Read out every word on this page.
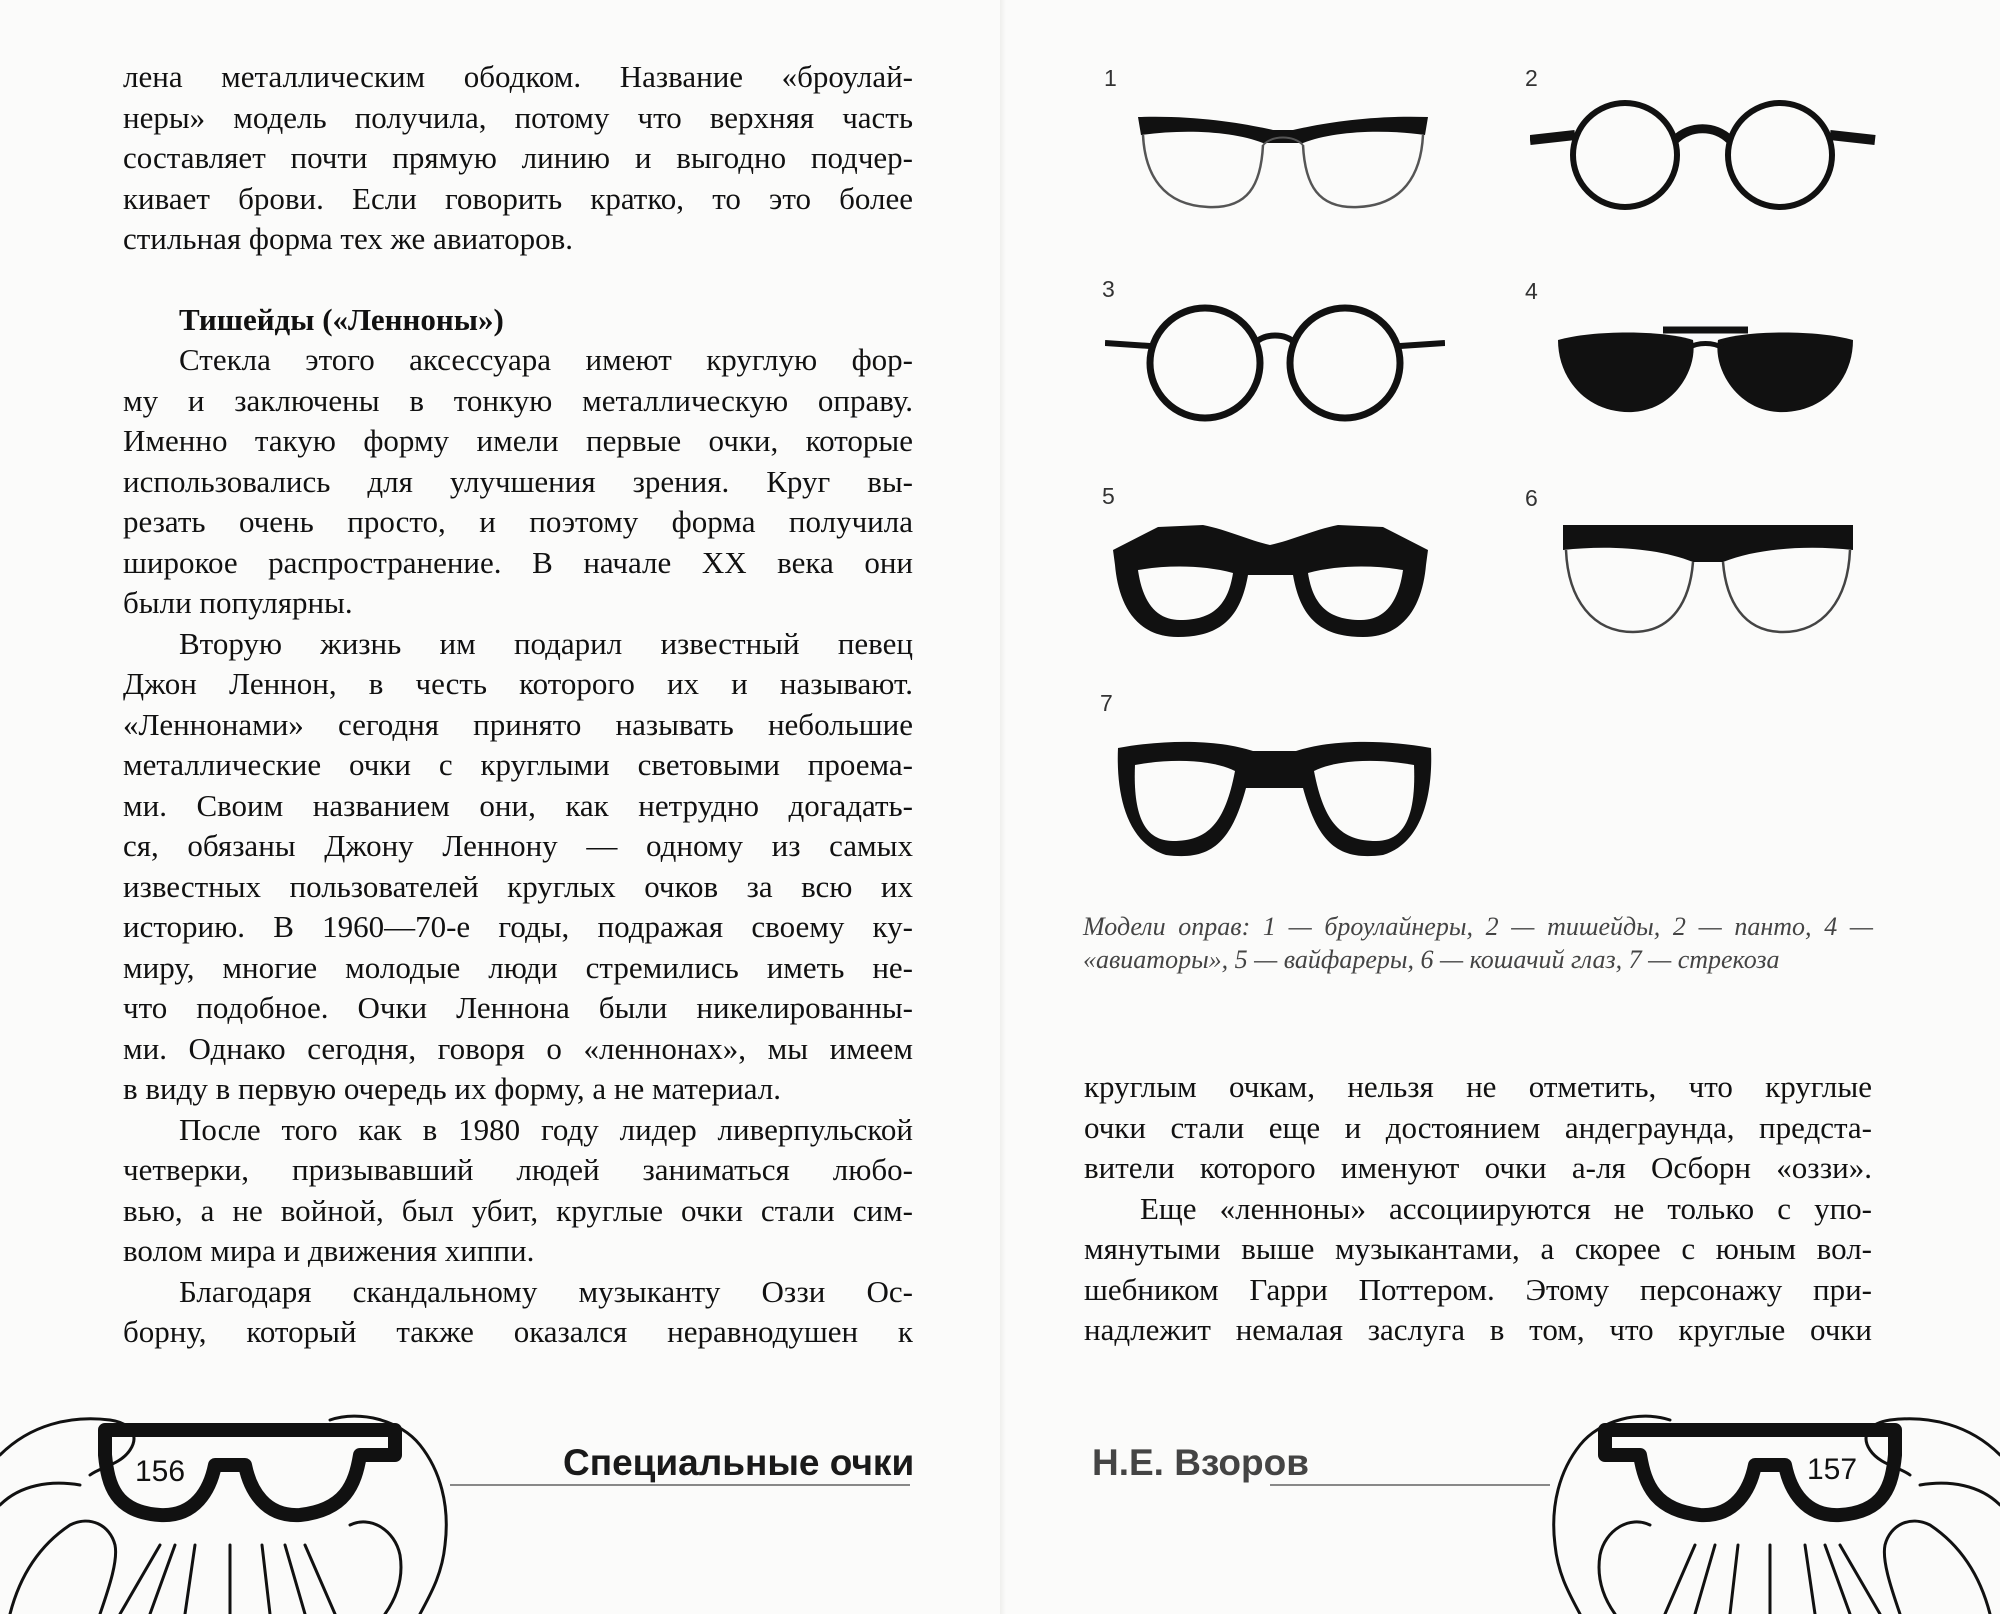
лена металлическим ободком. Название «броулай-

неры» модель получила, потому что верхняя часть

составляет почти прямую линию и выгодно подчер-

кивает брови. Если говорить кратко, то это более

стильная форма тех же авиаторов.

Тишейды («Ленноны»)

Стекла этого аксессуара имеют круглую фор-

му и заключены в тонкую металлическую оправу.

Именно такую форму имели первые очки, которые

использовались для улучшения зрения. Круг вы-

резать очень просто, и поэтому форма получила

широкое распространение. В начале XX века они

были популярны.

Вторую жизнь им подарил известный певец

Джон Леннон, в честь которого их и называют.

«Леннонами» сегодня принято называть небольшие

металлические очки с круглыми световыми проема-

ми. Своим названием они, как нетрудно догадать-

ся, обязаны Джону Леннону — одному из самых

известных пользователей круглых очков за всю их

историю. В 1960—70-е годы, подражая своему ку-

миру, многие молодые люди стремились иметь не-

что подобное. Очки Леннона были никелированны-

ми. Однако сегодня, говоря о «леннонах», мы имеем

в виду в первую очередь их форму, а не материал.

После того как в 1980 году лидер ливерпульской

четверки, призывавший людей заниматься любо-

вью, а не войной, был убит, круглые очки стали сим-

волом мира и движения хиппи.

Благодаря скандальному музыканту Оззи Ос-

борну, который также оказался неравнодушен к

156	Специальные очки
1	2
3	4
5	6
7

Модели оправ: 1 — броулайнеры, 2 — тишейды, 2 — панто, 4 — «авиаторы», 5 — вайфареры, 6 — кошачий глаз, 7 — стрекоза

круглым очкам, нельзя не отметить, что круглые

очки стали еще и достоянием андеграунда, предста-

вители которого именуют очки а-ля Осборн «оззи».

Еще «ленноны» ассоциируются не только с упо-

мянутыми выше музыкантами, а скорее с юным вол-

шебником Гарри Поттером. Этому персонажу при-

надлежит немалая заслуга в том, что круглые очки

Н.Е. Взоров	157
